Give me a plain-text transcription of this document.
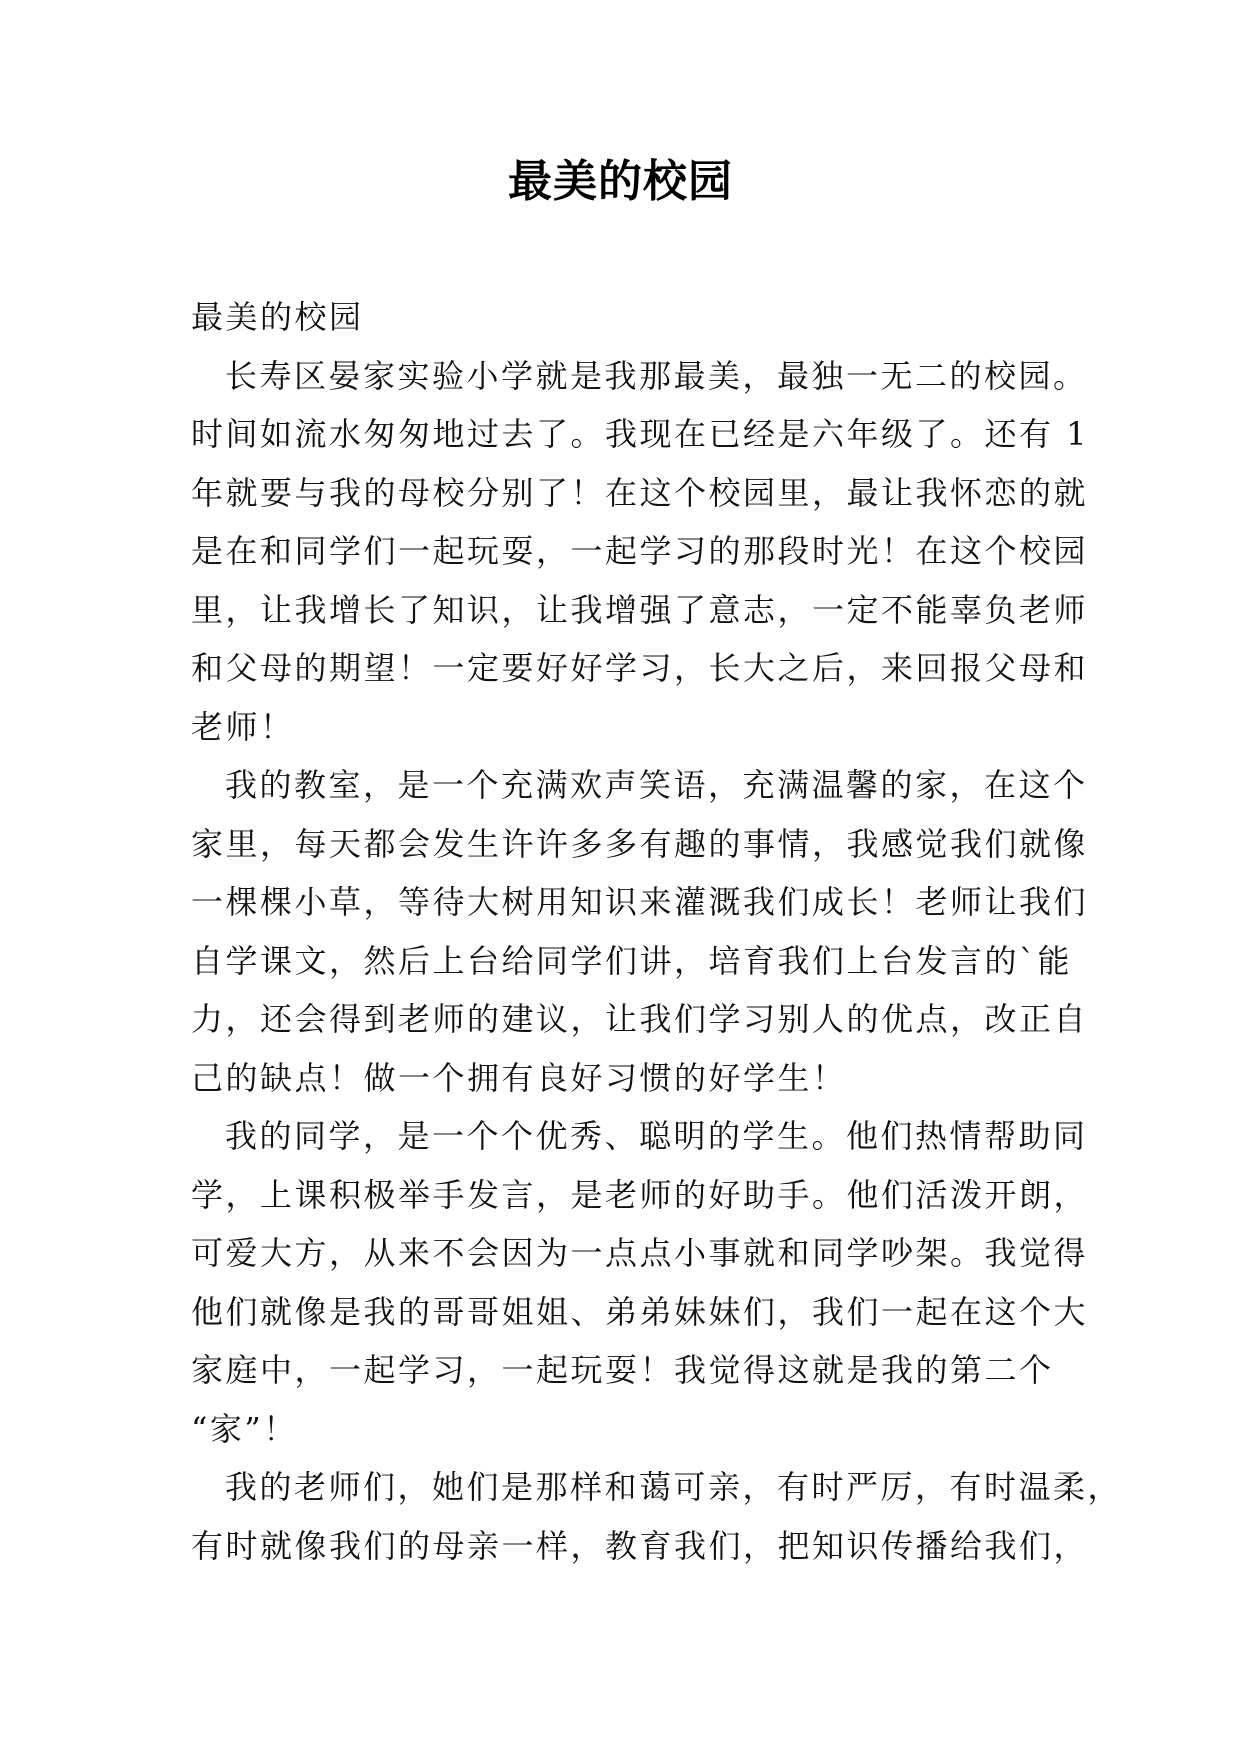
最美的校园
最美的校园
长寿区晏家实验小学就是我那最美，最独一无二的校园。
时间如流水匆匆地过去了。我现在已经是六年级了。还有 1
年就要与我的母校分别了！在这个校园里，最让我怀恋的就
是在和同学们一起玩耍，一起学习的那段时光！在这个校园
里，让我增长了知识，让我增强了意志，一定不能辜负老师
和父母的期望！一定要好好学习，长大之后，来回报父母和
老师！
我的教室，是一个充满欢声笑语，充满温馨的家，在这个
家里，每天都会发生许许多多有趣的事情，我感觉我们就像
一棵棵小草，等待大树用知识来灌溉我们成长！老师让我们
自学课文，然后上台给同学们讲，培育我们上台发言的`能
力，还会得到老师的建议，让我们学习别人的优点，改正自
己的缺点！做一个拥有良好习惯的好学生！
我的同学，是一个个优秀、聪明的学生。他们热情帮助同
学，上课积极举手发言，是老师的好助手。他们活泼开朗，
可爱大方，从来不会因为一点点小事就和同学吵架。我觉得
他们就像是我的哥哥姐姐、弟弟妹妹们，我们一起在这个大
家庭中，一起学习，一起玩耍！我觉得这就是我的第二个
“家”！
我的老师们，她们是那样和蔼可亲，有时严厉，有时温柔，
有时就像我们的母亲一样，教育我们，把知识传播给我们，
